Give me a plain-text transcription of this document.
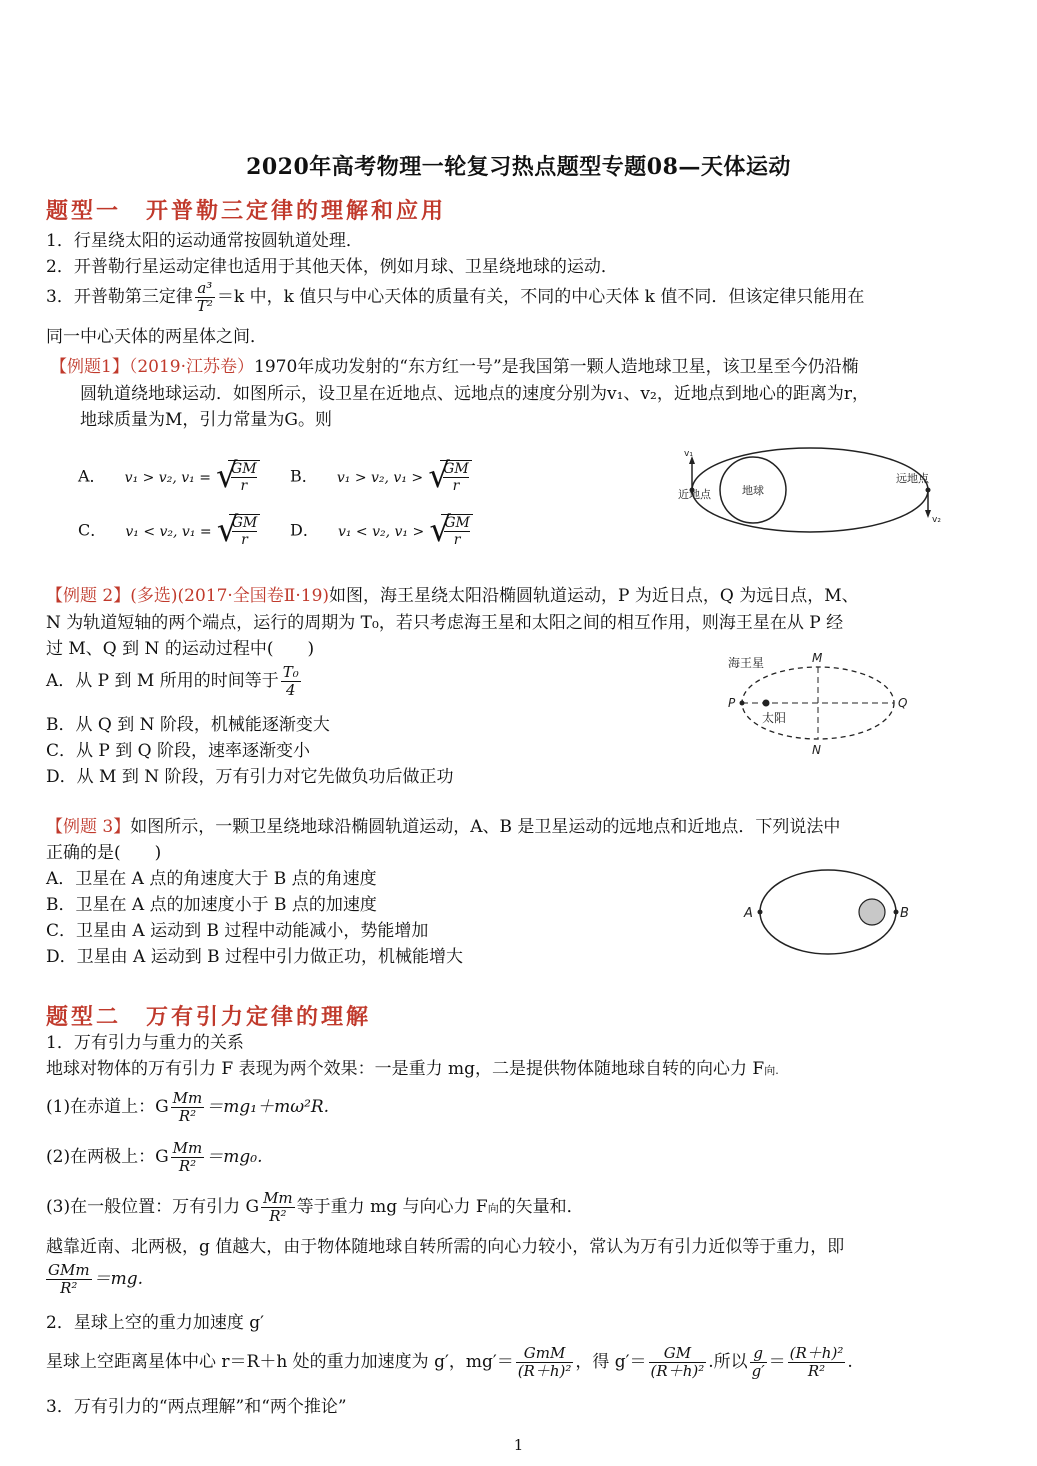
2020年高考物理一轮复习热点题型专题08—天体运动
题型一　开普勒三定律的理解和应用
1．行星绕太阳的运动通常按圆轨道处理．
2．开普勒行星运动定律也适用于其他天体，例如月球、卫星绕地球的运动．
3．开普勒第三定律 $\frac{\text{a³}}{\text{T²}} =k$ 中，k 值只与中心天体的质量有关，不同的中心天体 k 值不同．但该定律只能用在
同一中心天体的两星体之间．
【例题1】（2019·江苏卷）1970年成功发射的“东方红一号”是我国第一颗人造地球卫星，该卫星至今仍沿椭
圆轨道绕地球运动．如图所示，设卫星在近地点、远地点的速度分别为v₁、v₂，近地点到地心的距离为r，
地球质量为M，引力常量为G。则
A． v₁ > v₂, v₁ = √
$\frac{GM}{r}$ B． v₁ > v₂, v₁ > √
$\frac{GM}{r}$
C． v₁ < v₂, v₁ = √
$\frac{GM}{r}$ D． v₁ < v₂, v₁ > √
$\frac{GM}{r}$
地球
v₁
近地点
v₂
远地点
【例题 2】(多选)(2017·全国卷Ⅱ·19)如图，海王星绕太阳沿椭圆轨道运动，P 为近日点，Q 为远日点，M、
N 为轨道短轴的两个端点，运行的周期为 T₀，若只考虑海王星和太阳之间的相互作用，则海王星在从 P 经
过 M、Q 到 N 的运动过程中(　　)
A．从 P 到 M 所用的时间等于 $\frac{\text{T₀}}{4}$
B．从 Q 到 N 阶段，机械能逐渐变大
C．从 P 到 Q 阶段，速率逐渐变小
D．从 M 到 N 阶段，万有引力对它先做负功后做正功
海王星
太阳
M
N
P	Q
【例题 3】如图所示，一颗卫星绕地球沿椭圆轨道运动，A、B 是卫星运动的远地点和近地点．下列说法中
正确的是(　　)
A．卫星在 A 点的角速度大于 B 点的角速度
B．卫星在 A 点的加速度小于 B 点的加速度
C．卫星由 A 运动到 B 过程中动能减小，势能增加
D．卫星由 A 运动到 B 过程中引力做正功，机械能增大
A	B
题型二　万有引力定律的理解
1．万有引力与重力的关系
地球对物体的万有引力 F 表现为两个效果：一是重力 mg，二是提供物体随地球自转的向心力 F向.
(1)在赤道上：G $\frac{Mm}{\text{R²}} =mg_1+m\omega^2R$.
(2)在两极上：G $\frac{Mm}{\text{R²}} =mg_0$.
(3)在一般位置：万有引力 G $\frac{Mm}{\text{R²}}$ 等于重力 mg 与向心力 F向的矢量和．
越靠近南、北两极，g 值越大，由于物体随地球自转所需的向心力较小，常认为万有引力近似等于重力，即
$\frac{\text{GMm}}{\text{R²}} =mg$.
2．星球上空的重力加速度 g′
星球上空距离星体中心 r＝R＋h 处的重力加速度为 g′，$mg'= \frac{\text{GmM}}{\text{(R＋h)²}}$ ，得 $g'= \frac{GM}{\text{(R＋h)²}}$ .所以 $\frac{g}{g'} = \frac{\text{(R＋h)²}}{\text{R²}}$ .
3．万有引力的“两点理解”和“两个推论”
1
